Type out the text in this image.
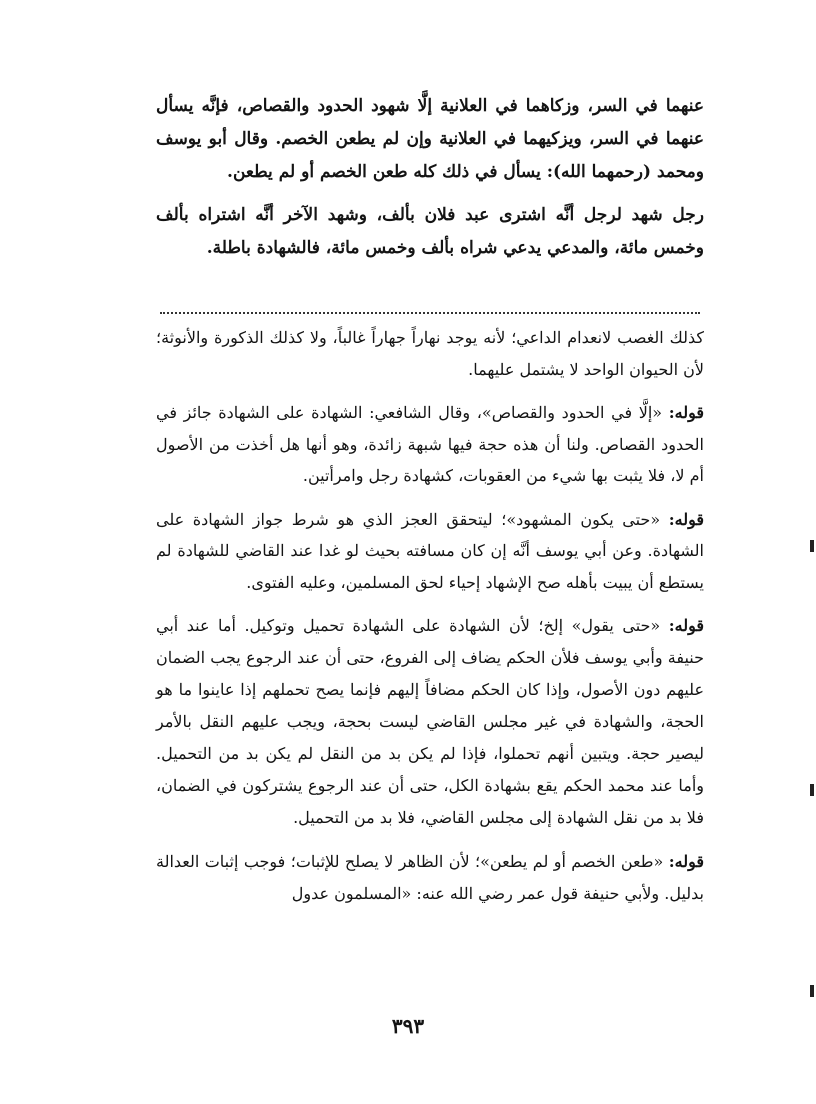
عنهما في السر، وزكاهما في العلانية إلَّا شهود الحدود والقصاص، فإنَّه يسأل عنهما في السر، ويزكيهما في العلانية وإن لم يطعن الخصم. وقال أبو يوسف ومحمد (رحمهما الله): يسأل في ذلك كله طعن الخصم أو لم يطعن.

رجل شهد لرجل أنَّه اشترى عبد فلان بألف، وشهد الآخر أنَّه اشتراه بألف وخمس مائة، والمدعي يدعي شراه بألف وخمس مائة، فالشهادة باطلة.

كذلك الغصب لانعدام الداعي؛ لأنه يوجد نهاراً جهاراً غالباً، ولا كذلك الذكورة والأنوثة؛ لأن الحيوان الواحد لا يشتمل عليهما.

قوله: «إلَّا في الحدود والقصاص»، وقال الشافعي: الشهادة على الشهادة جائز في الحدود القصاص. ولنا أن هذه حجة فيها شبهة زائدة، وهو أنها هل أخذت من الأصول أم لا، فلا يثبت بها شيء من العقوبات، كشهادة رجل وامرأتين.

قوله: «حتى يكون المشهود»؛ ليتحقق العجز الذي هو شرط جواز الشهادة على الشهادة. وعن أبي يوسف أنَّه إن كان مسافته بحيث لو غدا عند القاضي للشهادة لم يستطع أن يبيت بأهله صح الإشهاد إحياء لحق المسلمين، وعليه الفتوى.

قوله: «حتى يقول» إلخ؛ لأن الشهادة على الشهادة تحميل وتوكيل. أما عند أبي حنيفة وأبي يوسف فلأن الحكم يضاف إلى الفروع، حتى أن عند الرجوع يجب الضمان عليهم دون الأصول، وإذا كان الحكم مضافاً إليهم فإنما يصح تحملهم إذا عاينوا ما هو الحجة، والشهادة في غير مجلس القاضي ليست بحجة، ويجب عليهم النقل بالأمر ليصير حجة. ويتبين أنهم تحملوا، فإذا لم يكن بد من النقل لم يكن بد من التحميل. وأما عند محمد الحكم يقع بشهادة الكل، حتى أن عند الرجوع يشتركون في الضمان، فلا بد من نقل الشهادة إلى مجلس القاضي، فلا بد من التحميل.

قوله: «طعن الخصم أو لم يطعن»؛ لأن الظاهر لا يصلح للإثبات؛ فوجب إثبات العدالة بدليل. ولأبي حنيفة قول عمر رضي الله عنه: «المسلمون عدول

٣٩٣
